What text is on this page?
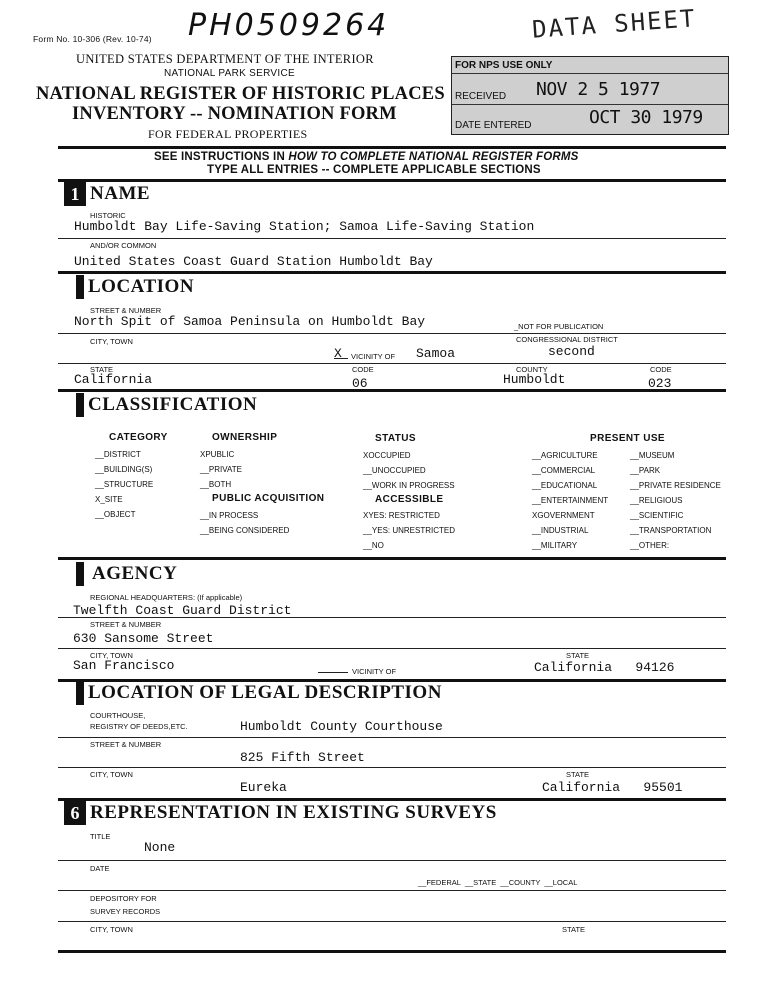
Form No. 10-306 (Rev. 10-74) PH0509264	DATA SHEET
UNITED STATES DEPARTMENT OF THE INTERIOR
NATIONAL PARK SERVICE
NATIONAL REGISTER OF HISTORIC PLACES
INVENTORY -- NOMINATION FORM
FOR FEDERAL PROPERTIES
FOR NPS USE ONLY
RECEIVED NOV 2 5 1977
DATE ENTERED	OCT 30 1979
SEE INSTRUCTIONS IN HOW TO COMPLETE NATIONAL REGISTER FORMS
TYPE ALL ENTRIES -- COMPLETE APPLICABLE SECTIONS
1 NAME
HISTORIC
Humboldt Bay Life-Saving Station; Samoa Life-Saving Station
AND/OR COMMON
United States Coast Guard Station Humboldt Bay
LOCATION
STREET & NUMBER
North Spit of Samoa Peninsula on Humboldt Bay	_NOT FOR PUBLICATION
CITY, TOWN	CONGRESSIONAL DISTRICT
X VICINITY OF Samoa	second
STATE	CODE	COUNTY	CODE
California	06	Humboldt	023
CLASSIFICATION
CATEGORY
__DISTRICT
__BUILDING(S)
__STRUCTURE
X_SITE
__OBJECT
OWNERSHIP
XPUBLIC
__PRIVATE
__BOTH
PUBLIC ACQUISITION
__IN PROCESS
__BEING CONSIDERED
STATUS
XOCCUPIED
__UNOCCUPIED
__WORK IN PROGRESS
ACCESSIBLE
XYES: RESTRICTED
__YES: UNRESTRICTED
__NO
PRESENT USE
__AGRICULTURE
__COMMERCIAL
__EDUCATIONAL
__ENTERTAINMENT
XGOVERNMENT
__INDUSTRIAL
__MILITARY
__MUSEUM
__PARK
__PRIVATE RESIDENCE
__RELIGIOUS
__SCIENTIFIC
__TRANSPORTATION
__OTHER:
AGENCY
REGIONAL HEADQUARTERS: (If applicable)
Twelfth Coast Guard District
STREET & NUMBER
630 Sansome Street
CITY, TOWN	STATE
San Francisco	VICINITY OF	California   94126
LOCATION OF LEGAL DESCRIPTION
COURTHOUSE,
REGISTRY OF DEEDS,ETC.	Humboldt County Courthouse
STREET & NUMBER
825 Fifth Street
CITY, TOWN	STATE
Eureka	California   95501
6 REPRESENTATION IN EXISTING SURVEYS
TITLE
None
DATE
__FEDERAL  __STATE  __COUNTY  __LOCAL
DEPOSITORY FOR
SURVEY RECORDS
CITY, TOWN	STATE
